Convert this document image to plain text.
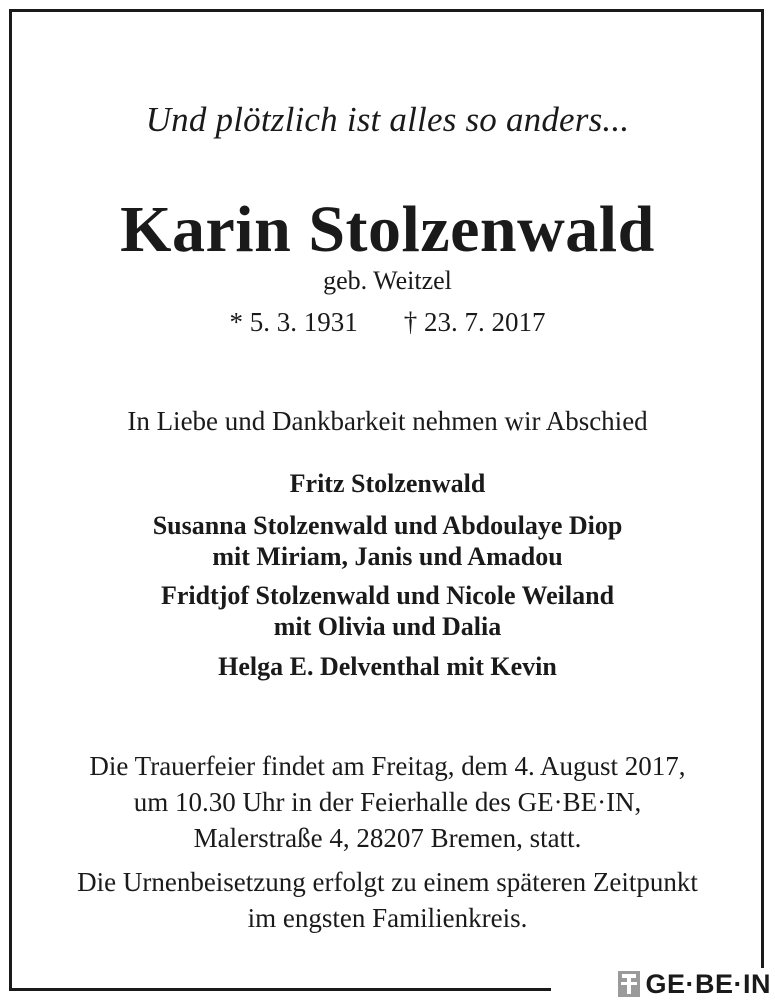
Und plötzlich ist alles so anders...
Karin Stolzenwald
geb. Weitzel
* 5. 3. 1931 † 23. 7. 2017
In Liebe und Dankbarkeit nehmen wir Abschied
Fritz Stolzenwald
Susanna Stolzenwald und Abdoulaye Diop
mit Miriam, Janis und Amadou
Fridtjof Stolzenwald und Nicole Weiland
mit Olivia und Dalia
Helga E. Delventhal mit Kevin
Die Trauerfeier findet am Freitag, dem 4. August 2017,
um 10.30 Uhr in der Feierhalle des GE·BE·IN,
Malerstraße 4, 28207 Bremen, statt.
Die Urnenbeisetzung erfolgt zu einem späteren Zeitpunkt
im engsten Familienkreis.
GE·BE·IN
